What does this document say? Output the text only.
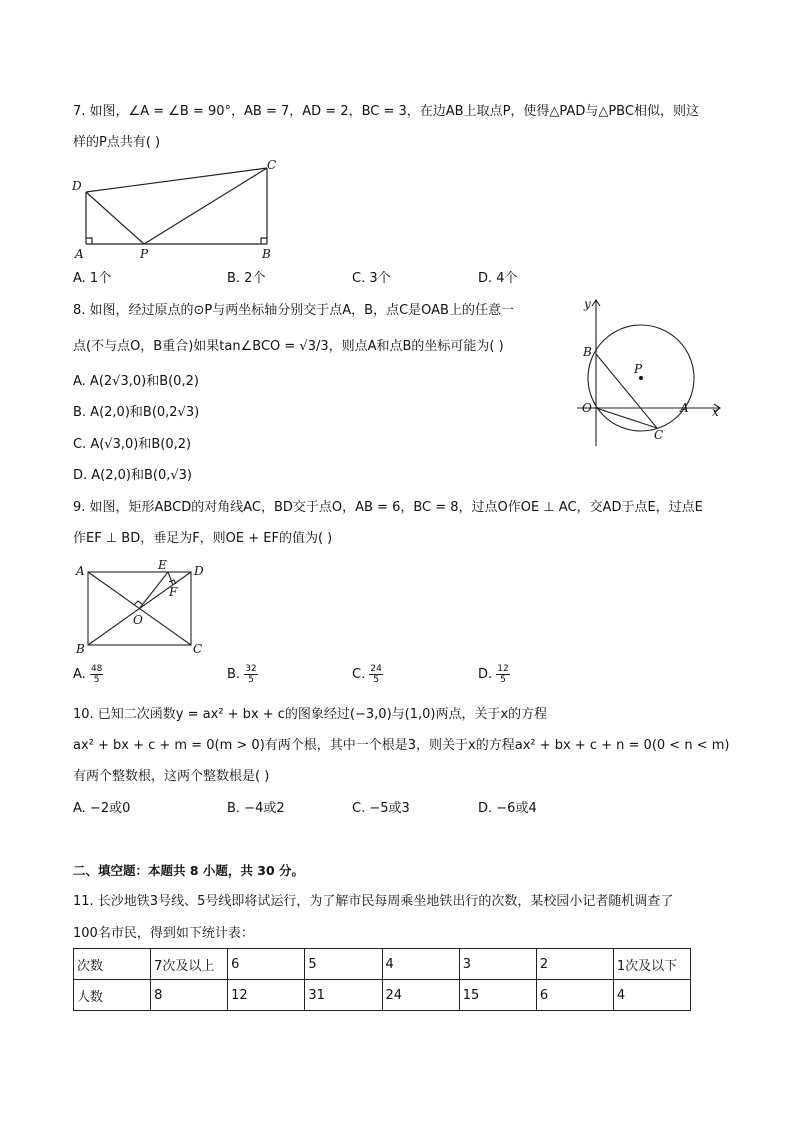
7. 如图，∠A = ∠B = 90°，AB = 7，AD = 2，BC = 3，在边AB上取点P，使得△PAD与△PBC相似，则这
样的P点共有( )
D
C
A	P	B
A. 1个	B. 2个	C. 3个	D. 4个
8. 如图，经过原点的⊙P与两坐标轴分别交于点A，B，点C是OAB上的任意一
点(不与点O，B重合)如果tan∠BCO = √3/3，则点A和点B的坐标可能为( )
A. A(2√3,0)和B(0,2)
B. A(2,0)和B(0,2√3)
C. A(√3,0)和B(0,2)
D. A(2,0)和B(0,√3)
y
x
B
P
O	A
C
9. 如图，矩形ABCD的对角线AC，BD交于点O，AB = 6，BC = 8，过点O作OE ⊥ AC，交AD于点E，过点E
作EF ⊥ BD，垂足为F，则OE + EF的值为( )
A	E D
F
O
B	C
A. $\frac{48}{5}$	B. $\frac{32}{5}$	C. $\frac{24}{5}$	D. $\frac{12}{5}$
10. 已知二次函数y = ax² + bx + c的图象经过(−3,0)与(1,0)两点，关于x的方程
ax² + bx + c + m = 0(m > 0)有两个根，其中一个根是3，则关于x的方程ax² + bx + c + n = 0(0 < n < m)
有两个整数根，这两个整数根是( )
A. −2或0	B. −4或2	C. −5或3	D. −6或4
二、填空题：本题共 8 小题，共 30 分。
11. 长沙地铁3号线、5号线即将试运行，为了解市民每周乘坐地铁出行的次数，某校园小记者随机调查了
100名市民，得到如下统计表：
次数	7次及以上	6	5	4	3	2	1次及以下
人数	8	12	31	24	15	6	4
